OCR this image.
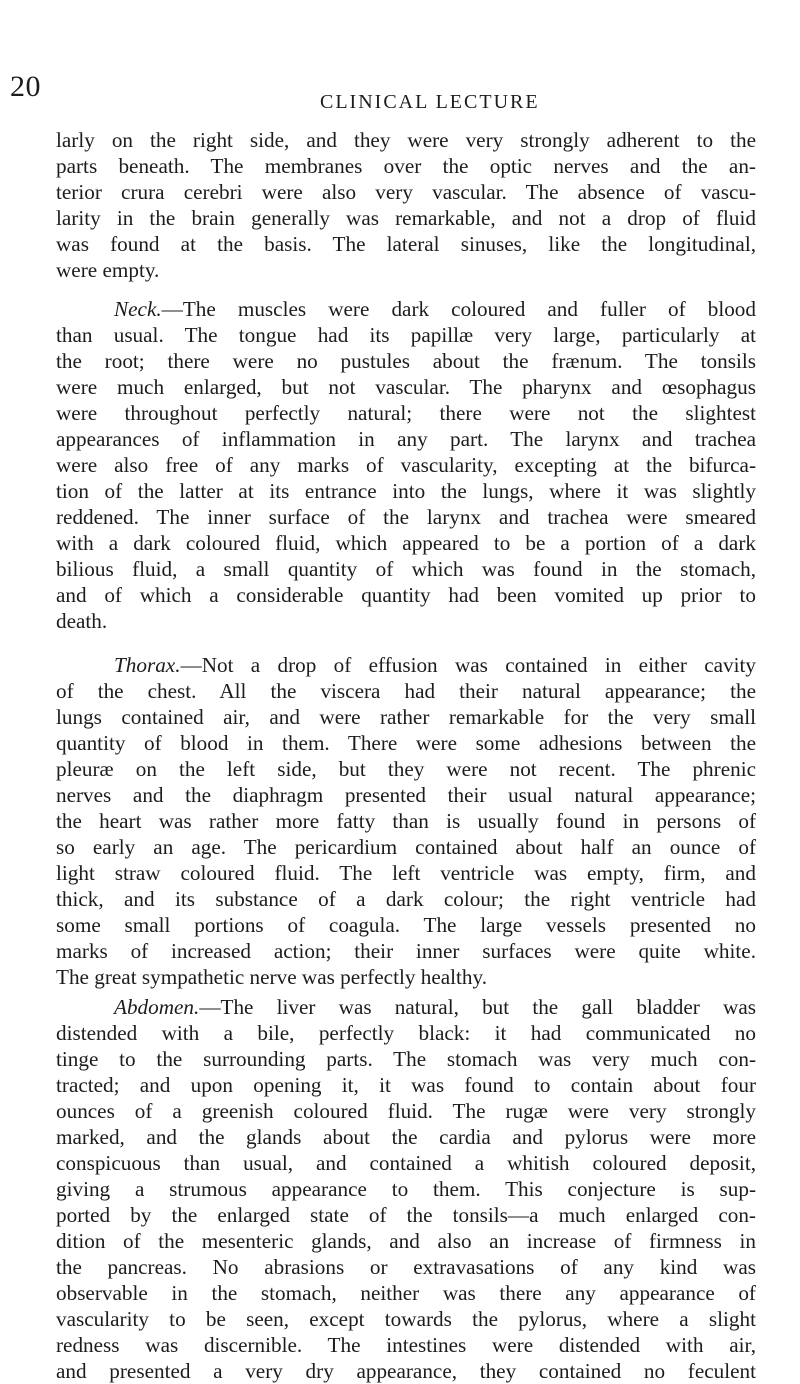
20	CLINICAL LECTURE
larly on the right side, and they were very strongly adherent to the
parts beneath. The membranes over the optic nerves and the an-
terior crura cerebri were also very vascular. The absence of vascu-
larity in the brain generally was remarkable, and not a drop of fluid
was found at the basis. The lateral sinuses, like the longitudinal,
were empty.
Neck.—The muscles were dark coloured and fuller of blood
than usual. The tongue had its papillæ very large, particularly at
the root; there were no pustules about the frænum. The tonsils
were much enlarged, but not vascular. The pharynx and œsophagus
were throughout perfectly natural; there were not the slightest
appearances of inflammation in any part. The larynx and trachea
were also free of any marks of vascularity, excepting at the bifurca-
tion of the latter at its entrance into the lungs, where it was slightly
reddened. The inner surface of the larynx and trachea were smeared
with a dark coloured fluid, which appeared to be a portion of a dark
bilious fluid, a small quantity of which was found in the stomach,
and of which a considerable quantity had been vomited up prior to
death.
Thorax.—Not a drop of effusion was contained in either cavity
of the chest. All the viscera had their natural appearance; the
lungs contained air, and were rather remarkable for the very small
quantity of blood in them. There were some adhesions between the
pleuræ on the left side, but they were not recent. The phrenic
nerves and the diaphragm presented their usual natural appearance;
the heart was rather more fatty than is usually found in persons of
so early an age. The pericardium contained about half an ounce of
light straw coloured fluid. The left ventricle was empty, firm, and
thick, and its substance of a dark colour; the right ventricle had
some small portions of coagula. The large vessels presented no
marks of increased action; their inner surfaces were quite white.
The great sympathetic nerve was perfectly healthy.
Abdomen.—The liver was natural, but the gall bladder was
distended with a bile, perfectly black: it had communicated no
tinge to the surrounding parts. The stomach was very much con-
tracted; and upon opening it, it was found to contain about four
ounces of a greenish coloured fluid. The rugæ were very strongly
marked, and the glands about the cardia and pylorus were more
conspicuous than usual, and contained a whitish coloured deposit,
giving a strumous appearance to them. This conjecture is sup-
ported by the enlarged state of the tonsils—a much enlarged con-
dition of the mesenteric glands, and also an increase of firmness in
the pancreas. No abrasions or extravasations of any kind was
observable in the stomach, neither was there any appearance of
vascularity to be seen, except towards the pylorus, where a slight
redness was discernible. The intestines were distended with air,
and presented a very dry appearance, they contained no feculent
